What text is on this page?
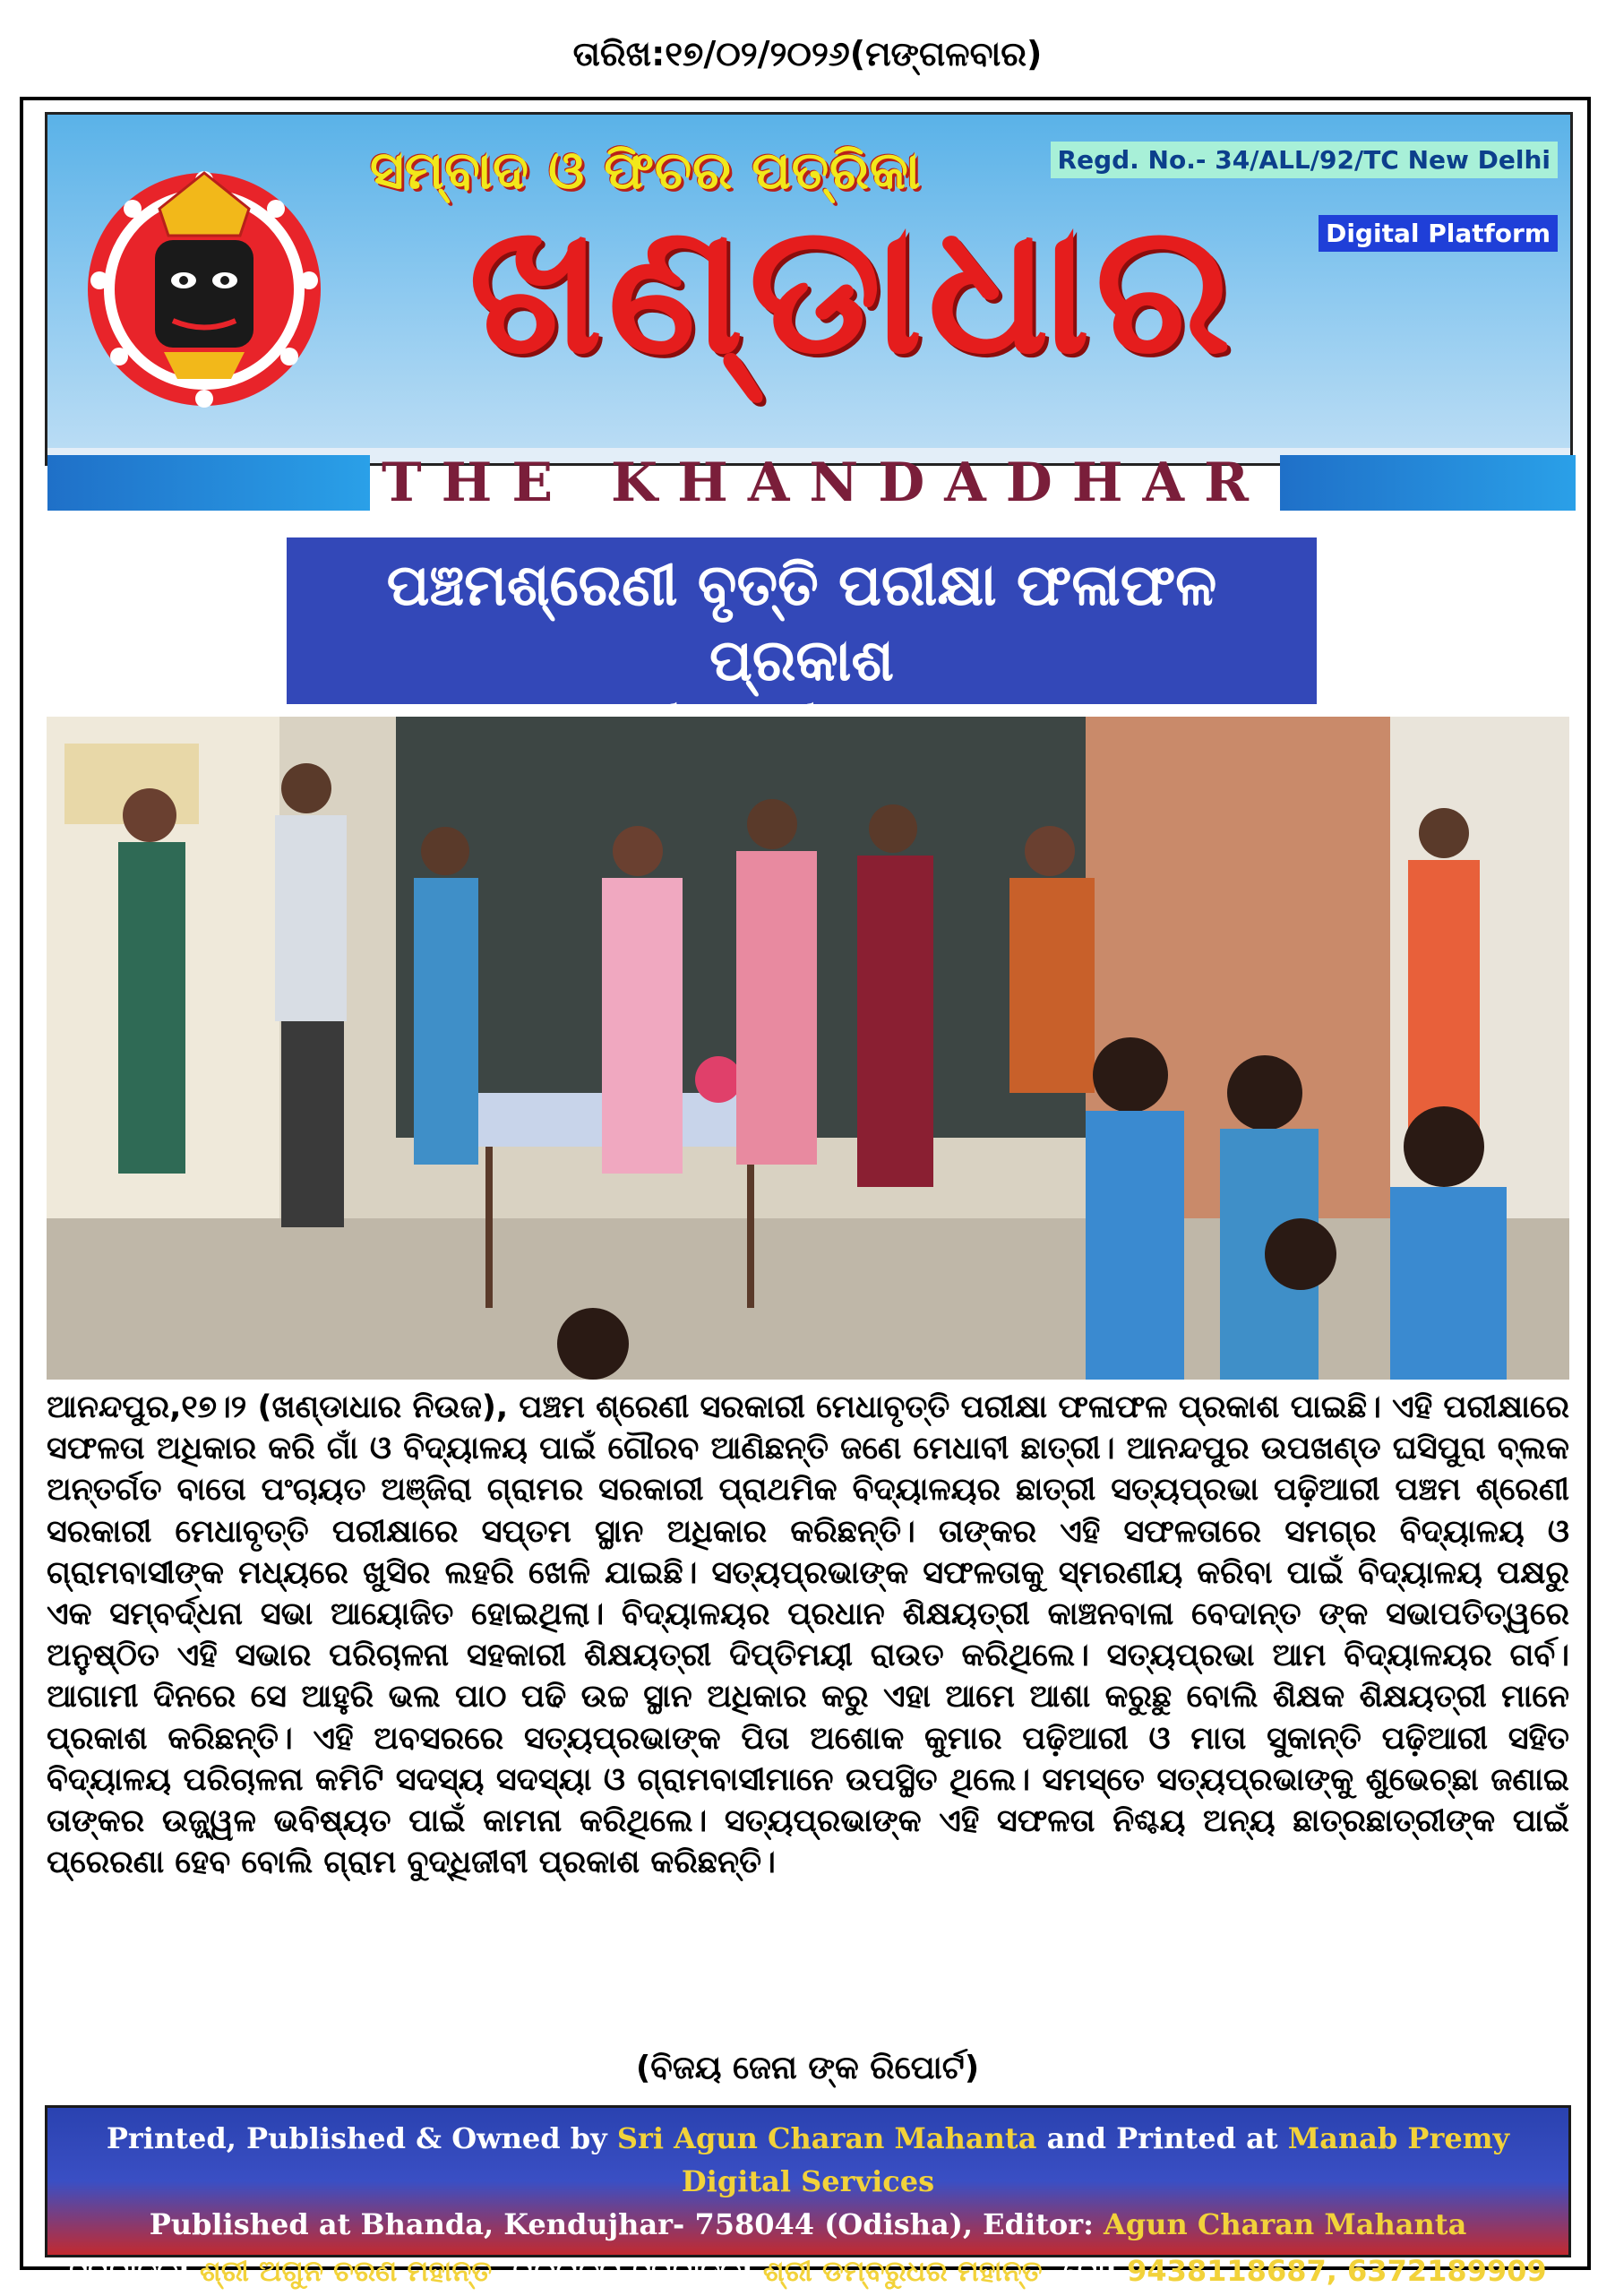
ତାରିଖ:୧୭/୦୨/୨୦୨୬(ମଙ୍ଗଳବାର)
ସମ୍ବାଦ ଓ ଫିଚର ପତ୍ରିକା
ଖଣ୍ଡାଧାର
Regd. No.- 34/ALL/92/TC New Delhi
Digital Platform
THE KHANDADHAR
ପଞ୍ଚମଶ୍ରେଣୀ ବୃତ୍ତି ପରୀକ୍ଷା ଫଳାଫଳ ପ୍ରକାଶ

ଆନନ୍ଦପୁର,୧୭।୨ (ଖଣ୍ଡାଧାର ନିଉଜ), ପଞ୍ଚମ ଶ୍ରେଣୀ ସରକାରୀ ମେଧାବୃତ୍ତି ପରୀକ୍ଷା ଫଳାଫଳ ପ୍ରକାଶ ପାଇଛି। ଏହି ପରୀକ୍ଷାରେ ସଫଳତା ଅଧିକାର କରି ଗାଁ ଓ ବିଦ୍ୟାଳୟ ପାଇଁ ଗୌରବ ଆଣିଛନ୍ତି ଜଣେ ମେଧାବୀ ଛାତ୍ରୀ। ଆନନ୍ଦପୁର ଉପଖଣ୍ଡ ଘସିପୁରା ବ୍ଲକ ଅନ୍ତର୍ଗତ ବାତୋ ପଂଚାୟତ ଅଞ୍ଜିରା ଗ୍ରାମର ସରକାରୀ ପ୍ରାଥମିକ ବିଦ୍ୟାଳୟର ଛାତ୍ରୀ ସତ୍ୟପ୍ରଭା ପଢ଼ିଆରୀ ପଞ୍ଚମ ଶ୍ରେଣୀ ସରକାରୀ ମେଧାବୃତ୍ତି ପରୀକ୍ଷାରେ ସପ୍ତମ ସ୍ଥାନ ଅଧିକାର କରିଛନ୍ତି। ତାଙ୍କର ଏହି ସଫଳତାରେ ସମଗ୍ର ବିଦ୍ୟାଳୟ ଓ ଗ୍ରାମବାସୀଙ୍କ ମଧ୍ୟରେ ଖୁସିର ଲହରି ଖେଳି ଯାଇଛି। ସତ୍ୟପ୍ରଭାଙ୍କ ସଫଳତାକୁ ସ୍ମରଣୀୟ କରିବା ପାଇଁ ବିଦ୍ୟାଳୟ ପକ୍ଷରୁ ଏକ ସମ୍ବର୍ଦ୍ଧନା ସଭା ଆୟୋଜିତ ହୋଇଥିଲା। ବିଦ୍ୟାଳୟର ପ୍ରଧାନ ଶିକ୍ଷୟତ୍ରୀ କାଞ୍ଚନବାଳା ବେଦାନ୍ତ ଙ୍କ ସଭାପତିତ୍ୱରେ ଅନୁଷ୍ଠିତ ଏହି ସଭାର ପରିଚାଳନା ସହକାରୀ ଶିକ୍ଷୟତ୍ରୀ ଦିପ୍ତିମୟୀ ରାଉତ କରିଥିଲେ। ସତ୍ୟପ୍ରଭା ଆମ ବିଦ୍ୟାଳୟର ଗର୍ବ। ଆଗାମୀ ଦିନରେ ସେ ଆହୁରି ଭଲ ପାଠ ପଢି ଉଚ୍ଚ ସ୍ଥାନ ଅଧିକାର କରୁ ଏହା ଆମେ ଆଶା କରୁଛୁ ବୋଲି ଶିକ୍ଷକ ଶିକ୍ଷୟତ୍ରୀ ମାନେ ପ୍ରକାଶ କରିଛନ୍ତି। ଏହି ଅବସରରେ ସତ୍ୟପ୍ରଭାଙ୍କ ପିତା ଅଶୋକ କୁମାର ପଢ଼ିଆରୀ ଓ ମାତା ସୁକାନ୍ତି ପଢ଼ିଆରୀ ସହିତ ବିଦ୍ୟାଳୟ ପରିଚାଳନା କମିଟି ସଦସ୍ୟ ସଦସ୍ୟା ଓ ଗ୍ରାମବାସୀମାନେ ଉପସ୍ଥିତ ଥିଲେ। ସମସ୍ତେ ସତ୍ୟପ୍ରଭାଙ୍କୁ ଶୁଭେଚ୍ଛା ଜଣାଇ ତାଙ୍କର ଉଜ୍ଜ୍ୱଳ ଭବିଷ୍ୟତ ପାଇଁ କାମନା କରିଥିଲେ। ସତ୍ୟପ୍ରଭାଙ୍କ ଏହି ସଫଳତା ନିଶ୍ଚୟ ଅନ୍ୟ ଛାତ୍ରଛାତ୍ରୀଙ୍କ ପାଇଁ ପ୍ରେରଣା ହେବ ବୋଲି ଗ୍ରାମ ବୁଦ୍ଧିଜୀବୀ ପ୍ରକାଶ କରିଛନ୍ତି।

(ବିଜୟ ଜେନା ଙ୍କ ରିପୋର୍ଟ)
Printed, Published & Owned by Sri Agun Charan Mahanta and Printed at Manab Premy Digital Services
Published at Bhanda, Kendujhar- 758044 (Odisha), Editor: Agun Charan Mahanta
ସମ୍ପାଦକ: ଶ୍ରୀ ଅଗୁନ ଚରଣ ମହାନ୍ତ, ପରିଚାଳନା ସମ୍ପାଦକ: ଶ୍ରୀ ଡମ୍ବରୁଧର ମହାନ୍ତ, ମୋ: 9438118687, 6372189909
